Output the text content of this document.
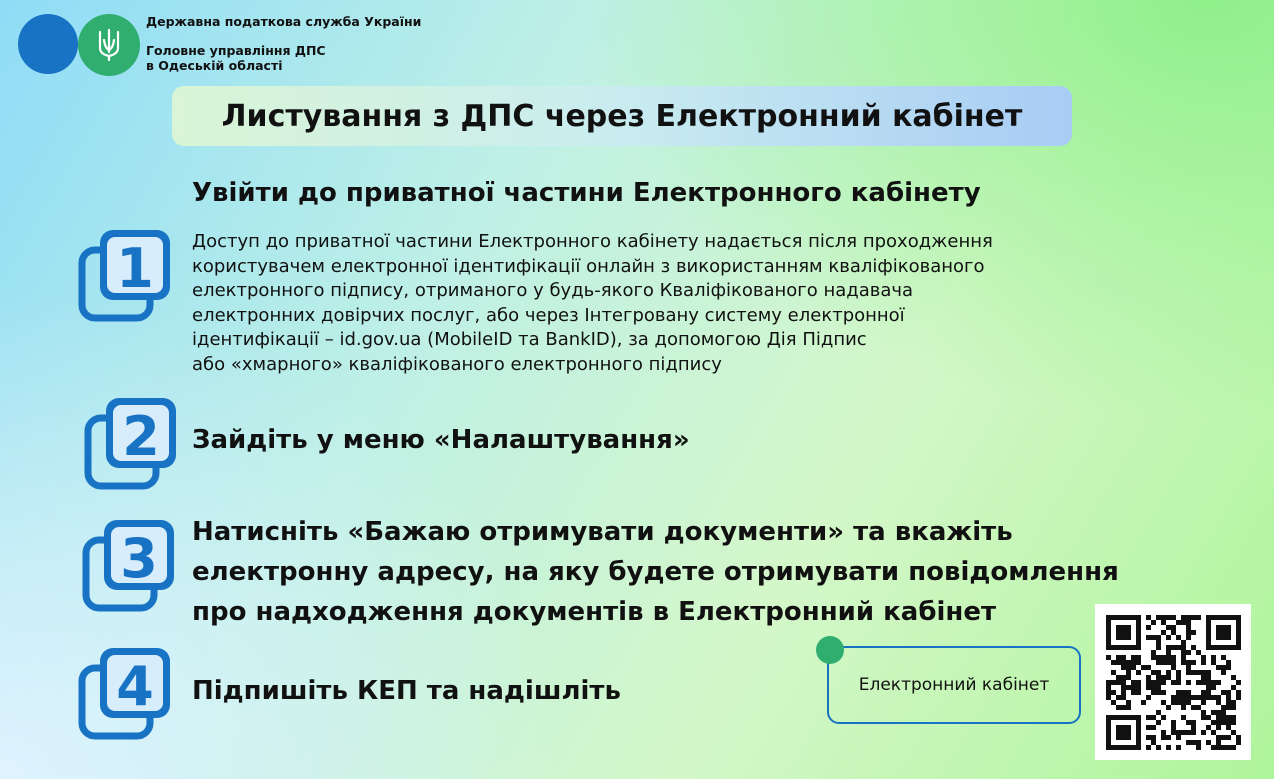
Державна податкова служба України
Головне управління ДПС
в Одеській області
Листування з ДПС через Електронний кабінет
1
Увійти до приватної частини Електронного кабінету
Доступ до приватної частини Електронного кабінету надається після проходження
користувачем електронної ідентифікації онлайн з використанням кваліфікованого
електронного підпису, отриманого у будь-якого Кваліфікованого надавача
електронних довірчих послуг, або через Інтегровану систему електронної
ідентифікації – id.gov.ua (MobileID та BankID), за допомогою Дія Підпис
або «хмарного» кваліфікованого електронного підпису
2 Зайдіть у меню «Налаштування»
3 Натисніть «Бажаю отримувати документи» та вкажіть
електронну адресу, на яку будете отримувати повідомлення
про надходження документів в Електронний кабінет
4 Підпишіть КЕП та надішліть	Електронний кабінет
